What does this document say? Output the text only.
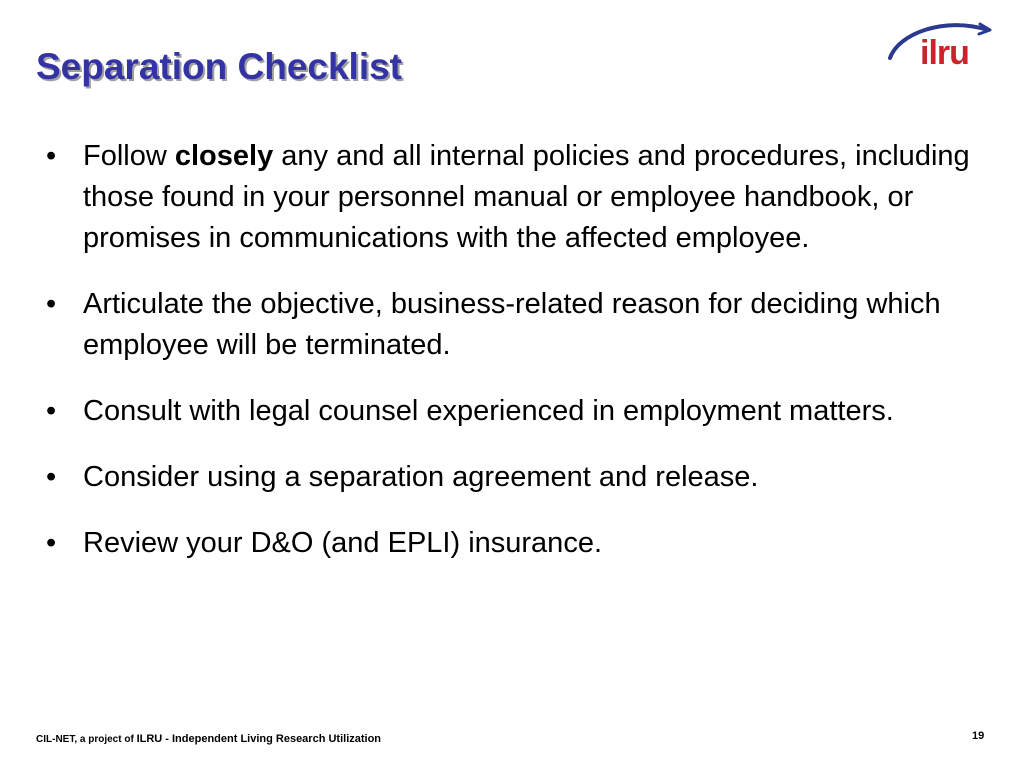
Separation Checklist	ilru
• Follow closely any and all internal policies and procedures, including those found in your personnel manual or employee handbook, or promises in communications with the affected employee.
• Articulate the objective, business-related reason for deciding which employee will be terminated.
• Consult with legal counsel experienced in employment matters.
• Consider using a separation agreement and release.
• Review your D&O (and EPLI) insurance.
CIL-NET, a project of ILRU - Independent Living Research Utilization	19
